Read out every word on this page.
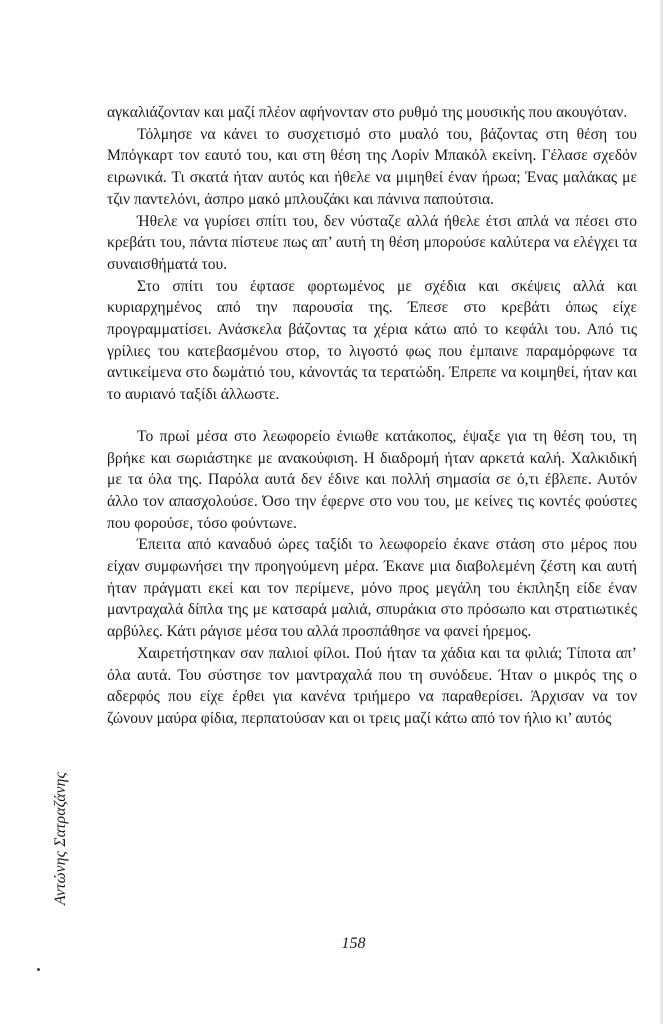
αγκαλιάζονταν και μαζί πλέον αφήνονταν στο ρυθμό της μουσικής που ακουγόταν.

Τόλμησε να κάνει το συσχετισμό στο μυαλό του, βάζοντας στη θέση του Μπόγκαρτ τον εαυτό του, και στη θέση της Λορίν Μπακόλ εκείνη. Γέλασε σχεδόν ειρωνικά. Τι σκατά ήταν αυτός και ήθελε να μιμηθεί έναν ήρωα; Ένας μαλάκας με τζιν παντελόνι, άσπρο μακό μπλουζάκι και πάνινα παπούτσια.

Ήθελε να γυρίσει σπίτι του, δεν νύσταζε αλλά ήθελε έτσι απλά να πέσει στο κρεβάτι του, πάντα πίστευε πως απ’ αυτή τη θέση μπορούσε καλύτερα να ελέγχει τα συναισθήματά του.

Στο σπίτι του έφτασε φορτωμένος με σχέδια και σκέψεις αλλά και κυριαρχημένος από την παρουσία της. Έπεσε στο κρεβάτι όπως είχε προγραμματίσει. Ανάσκελα βάζοντας τα χέρια κάτω από το κεφάλι του. Από τις γρίλιες του κατεβασμένου στορ, το λιγοστό φως που έμπαινε παραμόρφωνε τα αντικείμενα στο δωμάτιό του, κάνοντάς τα τερατώδη. Έπρεπε να κοιμηθεί, ήταν και το αυριανό ταξίδι άλλωστε.

Το πρωί μέσα στο λεωφορείο ένιωθε κατάκοπος, έψαξε για τη θέση του, τη βρήκε και σωριάστηκε με ανακούφιση. Η διαδρομή ήταν αρκετά καλή. Χαλκιδική με τα όλα της. Παρόλα αυτά δεν έδινε και πολλή σημασία σε ό,τι έβλεπε. Αυτόν άλλο τον απασχολούσε. Όσο την έφερνε στο νου του, με κείνες τις κοντές φούστες που φορούσε, τόσο φούντωνε.

Έπειτα από καναδυό ώρες ταξίδι το λεωφορείο έκανε στάση στο μέρος που είχαν συμφωνήσει την προηγούμενη μέρα. Έκανε μια διαβολεμένη ζέστη και αυτή ήταν πράγματι εκεί και τον περίμενε, μόνο προς μεγάλη του έκπληξη είδε έναν μαντραχαλά δίπλα της με κατσαρά μαλιά, σπυράκια στο πρόσωπο και στρατιωτικές αρβύλες. Κάτι ράγισε μέσα του αλλά προσπάθησε να φανεί ήρεμος.

Χαιρετήστηκαν σαν παλιοί φίλοι. Πού ήταν τα χάδια και τα φιλιά; Τίποτα απ’ όλα αυτά. Του σύστησε τον μαντραχαλά που τη συνόδευε. Ήταν ο μικρός της ο αδερφός που είχε έρθει για κανένα τριήμερο να παραθερίσει. Άρχισαν να τον ζώνουν μαύρα φίδια, περπατούσαν και οι τρεις μαζί κάτω από τον ήλιο κι’ αυτός

Αντώνης Σατραζάνης
158
